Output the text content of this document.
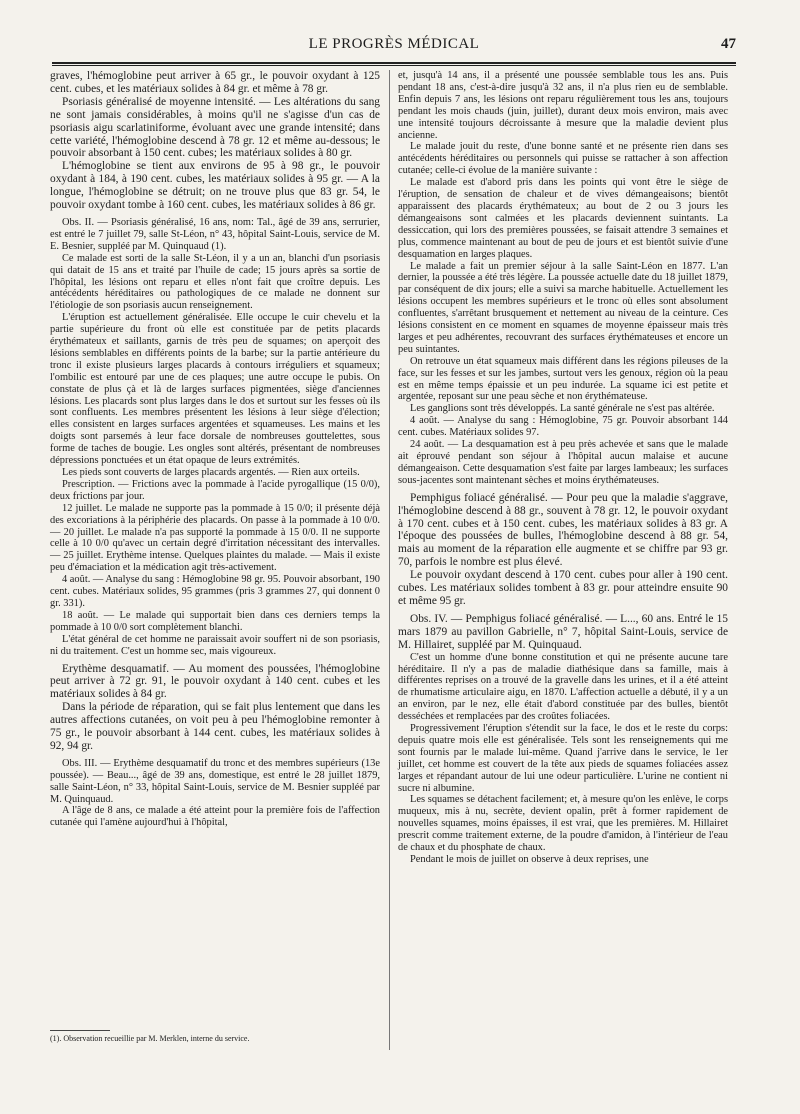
LE PROGRÈS MÉDICAL	47

graves, l'hémoglobine peut arriver à 65 gr., le pouvoir oxydant à 125 cent. cubes, et les matériaux solides à 84 gr. et même à 78 gr.

Psoriasis généralisé de moyenne intensité. — Les altérations du sang ne sont jamais considérables, à moins qu'il ne s'agisse d'un cas de psoriasis aigu scarlatiniforme, évoluant avec une grande intensité; dans cette variété, l'hémoglobine descend à 78 gr. 12 et même au-dessous; le pouvoir absorbant à 150 cent. cubes; les matériaux solides à 80 gr.

L'hémoglobine se tient aux environs de 95 à 98 gr., le pouvoir oxydant à 184, à 190 cent. cubes, les matériaux solides à 95 gr. — A la longue, l'hémoglobine se détruit; on ne trouve plus que 83 gr. 54, le pouvoir oxydant tombe à 160 cent. cubes, les matériaux solides à 86 gr.

Obs. II. — Psoriasis généralisé, 16 ans, nom: Tal., âgé de 39 ans, serrurier, est entré le 7 juillet 79, salle St-Léon, n° 43, hôpital Saint-Louis, service de M. E. Besnier, suppléé par M. Quinquaud (1).

Ce malade est sorti de la salle St-Léon, il y a un an, blanchi d'un psoriasis qui datait de 15 ans et traité par l'huile de cade; 15 jours après sa sortie de l'hôpital, les lésions ont reparu et elles n'ont fait que croître depuis. Les antécédents héréditaires ou pathologiques de ce malade ne donnent sur l'étiologie de son psoriasis aucun renseignement.

L'éruption est actuellement généralisée. Elle occupe le cuir chevelu et la partie supérieure du front où elle est constituée par de petits placards érythémateux et saillants, garnis de très peu de squames; on aperçoit des lésions semblables en différents points de la barbe; sur la partie antérieure du tronc il existe plusieurs larges placards à contours irréguliers et squameux; l'ombilic est entouré par une de ces plaques; une autre occupe le pubis. On constate de plus çà et là de larges surfaces pigmentées, siège d'anciennes lésions. Les placards sont plus larges dans le dos et surtout sur les fesses où ils sont confluents. Les membres présentent les lésions à leur siège d'élection; elles consistent en larges surfaces argentées et squameuses. Les mains et les doigts sont parsemés à leur face dorsale de nombreuses gouttelettes, sous forme de taches de bougie. Les ongles sont altérés, présentant de nombreuses dépressions ponctuées et un état opaque de leurs extrémités.

Les pieds sont couverts de larges placards argentés. — Rien aux orteils.

Prescription. — Frictions avec la pommade à l'acide pyrogallique (15 0/0), deux frictions par jour.

12 juillet. Le malade ne supporte pas la pommade à 15 0/0; il présente déjà des excoriations à la périphérie des placards. On passe à la pommade à 10 0/0. — 20 juillet. Le malade n'a pas supporté la pommade à 15 0/0. Il ne supporte celle à 10 0/0 qu'avec un certain degré d'irritation nécessitant des intervalles. — 25 juillet. Erythème intense. Quelques plaintes du malade. — Mais il existe peu d'émaciation et la médication agit très-activement.

4 août. — Analyse du sang : Hémoglobine 98 gr. 95. Pouvoir absorbant, 190 cent. cubes. Matériaux solides, 95 grammes (pris 3 grammes 27, qui donnent 0 gr. 331).

18 août. — Le malade qui supportait bien dans ces derniers temps la pommade à 10 0/0 sort complètement blanchi.

L'état général de cet homme ne paraissait avoir souffert ni de son psoriasis, ni du traitement. C'est un homme sec, mais vigoureux.

Erythème desquamatif. — Au moment des poussées, l'hémoglobine peut arriver à 72 gr. 91, le pouvoir oxydant à 140 cent. cubes et les matériaux solides à 84 gr.

Dans la période de réparation, qui se fait plus lentement que dans les autres affections cutanées, on voit peu à peu l'hémoglobine remonter à 75 gr., le pouvoir absorbant à 144 cent. cubes, les matériaux solides à 92, 94 gr.

Obs. III. — Erythème desquamatif du tronc et des membres supérieurs (13e poussée). — Beau..., âgé de 39 ans, domestique, est entré le 28 juillet 1879, salle Saint-Léon, n° 33, hôpital Saint-Louis, service de M. Besnier suppléé par M. Quinquaud.

A l'âge de 8 ans, ce malade a été atteint pour la première fois de l'affection cutanée qui l'amène aujourd'hui à l'hôpital,

et, jusqu'à 14 ans, il a présenté une poussée semblable tous les ans. Puis pendant 18 ans, c'est-à-dire jusqu'à 32 ans, il n'a plus rien eu de semblable. Enfin depuis 7 ans, les lésions ont reparu régulièrement tous les ans, toujours pendant les mois chauds (juin, juillet), durant deux mois environ, mais avec une intensité toujours décroissante à mesure que la maladie devient plus ancienne.

Le malade jouit du reste, d'une bonne santé et ne présente rien dans ses antécédents héréditaires ou personnels qui puisse se rattacher à son affection cutanée; celle-ci évolue de la manière suivante :

Le malade est d'abord pris dans les points qui vont être le siège de l'éruption, de sensation de chaleur et de vives démangeaisons; bientôt apparaissent des placards érythémateux; au bout de 2 ou 3 jours les démangeaisons sont calmées et les placards deviennent suintants. La dessiccation, qui lors des premières poussées, se faisait attendre 3 semaines et plus, commence maintenant au bout de peu de jours et est bientôt suivie d'une desquamation en larges plaques.

Le malade a fait un premier séjour à la salle Saint-Léon en 1877. L'an dernier, la poussée a été très légère. La poussée actuelle date du 18 juillet 1879, par conséquent de dix jours; elle a suivi sa marche habituelle. Actuellement les lésions occupent les membres supérieurs et le tronc où elles sont absolument confluentes, s'arrêtant brusquement et nettement au niveau de la ceinture. Ces lésions consistent en ce moment en squames de moyenne épaisseur mais très larges et peu adhérentes, recouvrant des surfaces érythémateuses et encore un peu suintantes.

On retrouve un état squameux mais différent dans les régions pileuses de la face, sur les fesses et sur les jambes, surtout vers les genoux, région où la peau est en même temps épaissie et un peu indurée. La squame ici est petite et argentée, reposant sur une peau sèche et non érythémateuse.

Les ganglions sont très développés. La santé générale ne s'est pas altérée.

4 août. — Analyse du sang : Hémoglobine, 75 gr. Pouvoir absorbant 144 cent. cubes. Matériaux solides 97.

24 août. — La desquamation est à peu près achevée et sans que le malade ait éprouvé pendant son séjour à l'hôpital aucun malaise et aucune démangeaison. Cette desquamation s'est faite par larges lambeaux; les surfaces sous-jacentes sont maintenant sèches et moins érythémateuses.

Pemphigus foliacé généralisé. — Pour peu que la maladie s'aggrave, l'hémoglobine descend à 88 gr., souvent à 78 gr. 12, le pouvoir oxydant à 170 cent. cubes et à 150 cent. cubes, les matériaux solides à 83 gr. A l'époque des poussées de bulles, l'hémoglobine descend à 88 gr. 54, mais au moment de la réparation elle augmente et se chiffre par 93 gr. 70, parfois le nombre est plus élevé.

Le pouvoir oxydant descend à 170 cent. cubes pour aller à 190 cent. cubes. Les matériaux solides tombent à 83 gr. pour atteindre ensuite 90 et même 95 gr.

Obs. IV. — Pemphigus foliacé généralisé. — L..., 60 ans. Entré le 15 mars 1879 au pavillon Gabrielle, n° 7, hôpital Saint-Louis, service de M. Hillairet, suppléé par M. Quinquaud.

C'est un homme d'une bonne constitution et qui ne présente aucune tare héréditaire. Il n'y a pas de maladie diathésique dans sa famille, mais à différentes reprises on a trouvé de la gravelle dans les urines, et il a été atteint de rhumatisme articulaire aigu, en 1870. L'affection actuelle a débuté, il y a un an environ, par le nez, elle était d'abord constituée par des bulles, bientôt desséchées et remplacées par des croûtes foliacées.

Progressivement l'éruption s'étendit sur la face, le dos et le reste du corps: depuis quatre mois elle est généralisée. Tels sont les renseignements qui me sont fournis par le malade lui-même. Quand j'arrive dans le service, le 1er juillet, cet homme est couvert de la tête aux pieds de squames foliacées assez larges et répandant autour de lui une odeur particulière. L'urine ne contient ni sucre ni albumine.

Les squames se détachent facilement; et, à mesure qu'on les enlève, le corps muqueux, mis à nu, secrète, devient opalin, prêt à former rapidement de nouvelles squames, moins épaisses, il est vrai, que les premières. M. Hillairet prescrit comme traitement externe, de la poudre d'amidon, à l'intérieur de l'eau de chaux et du phosphate de chaux.

Pendant le mois de juillet on observe à deux reprises, une

(1). Observation recueillie par M. Merklen, interne du service.
